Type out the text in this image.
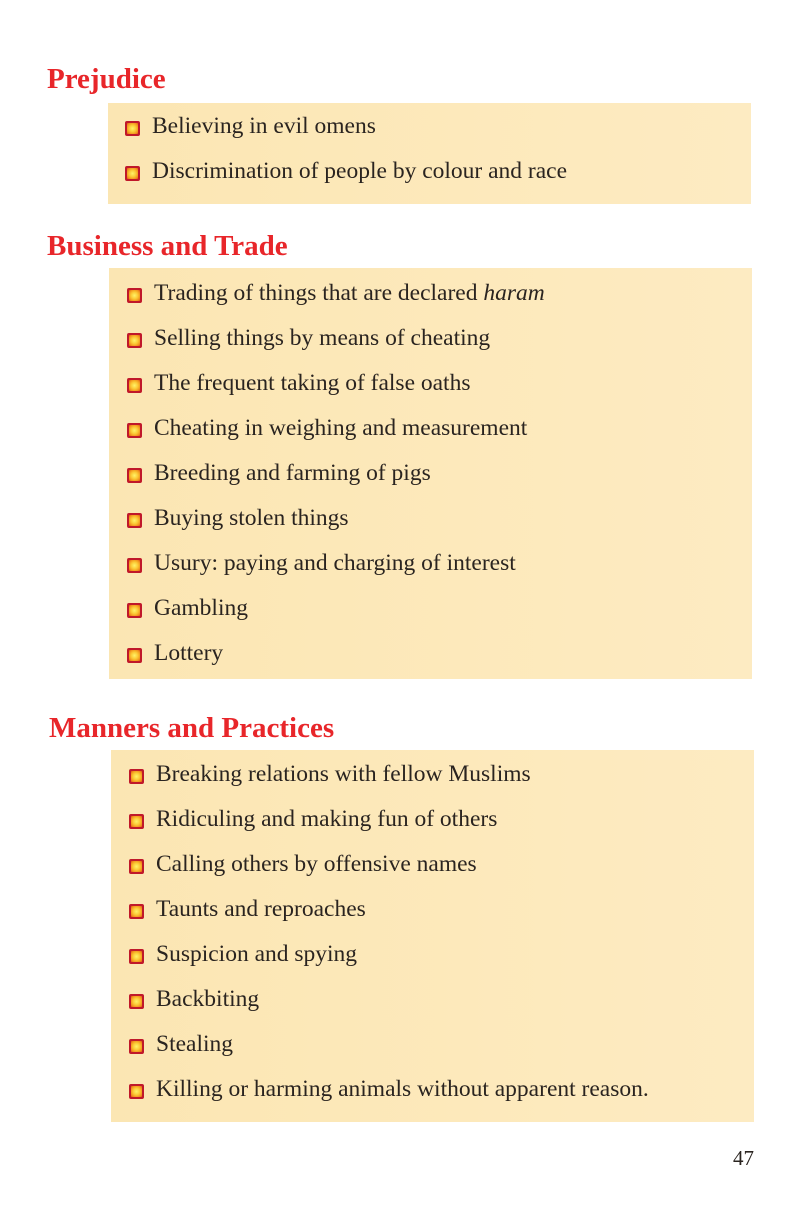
Prejudice
Believing in evil omens
Discrimination of people by colour and race
Business and Trade
Trading of things that are declared haram
Selling things by means of cheating
The frequent taking of false oaths
Cheating in weighing and measurement
Breeding and farming of pigs
Buying stolen things
Usury: paying and charging of interest
Gambling
Lottery
Manners and Practices
Breaking relations with fellow Muslims
Ridiculing and making fun of others
Calling others by offensive names
Taunts and reproaches
Suspicion and spying
Backbiting
Stealing
Killing or harming animals without apparent reason.
47
